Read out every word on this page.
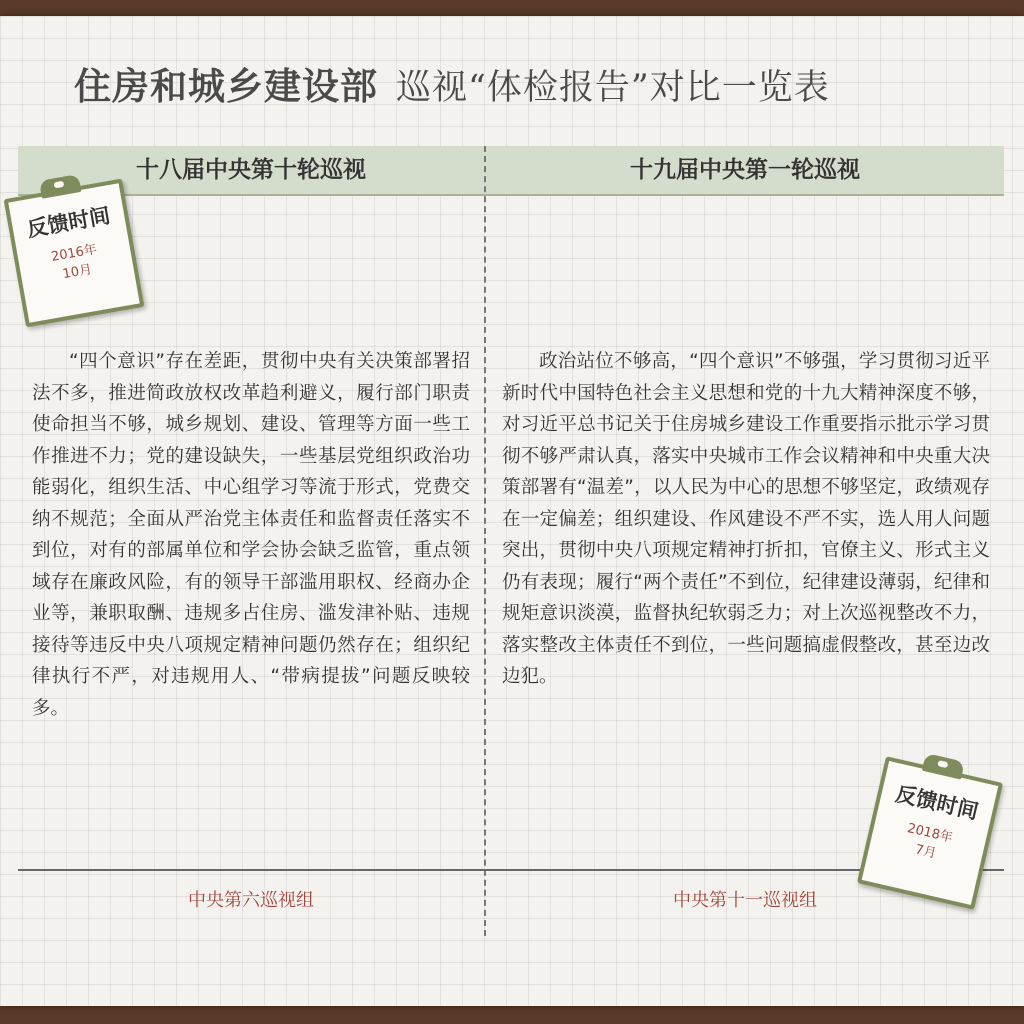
住房和城乡建设部 巡视“体检报告”对比一览表
十八届中央第十轮巡视	十九届中央第一轮巡视
“四个意识”存在差距，贯彻中央有关决策部署招法不多，推进简政放权改革趋利避义，履行部门职责使命担当不够，城乡规划、建设、管理等方面一些工作推进不力；党的建设缺失，一些基层党组织政治功能弱化，组织生活、中心组学习等流于形式，党费交纳不规范；全面从严治党主体责任和监督责任落实不到位，对有的部属单位和学会协会缺乏监管，重点领域存在廉政风险，有的领导干部滥用职权、经商办企业等，兼职取酬、违规多占住房、滥发津补贴、违规接待等违反中央八项规定精神问题仍然存在；组织纪律执行不严，对违规用人、“带病提拔”问题反映较多。
政治站位不够高，“四个意识”不够强，学习贯彻习近平新时代中国特色社会主义思想和党的十九大精神深度不够，对习近平总书记关于住房城乡建设工作重要指示批示学习贯彻不够严肃认真，落实中央城市工作会议精神和中央重大决策部署有“温差”，以人民为中心的思想不够坚定，政绩观存在一定偏差；组织建设、作风建设不严不实，选人用人问题突出，贯彻中央八项规定精神打折扣，官僚主义、形式主义仍有表现；履行“两个责任”不到位，纪律建设薄弱，纪律和规矩意识淡漠，监督执纪软弱乏力；对上次巡视整改不力，落实整改主体责任不到位，一些问题搞虚假整改，甚至边改边犯。
中央第六巡视组	中央第十一巡视组
反馈时间
2016年
10月
反馈时间
2018年
7月
